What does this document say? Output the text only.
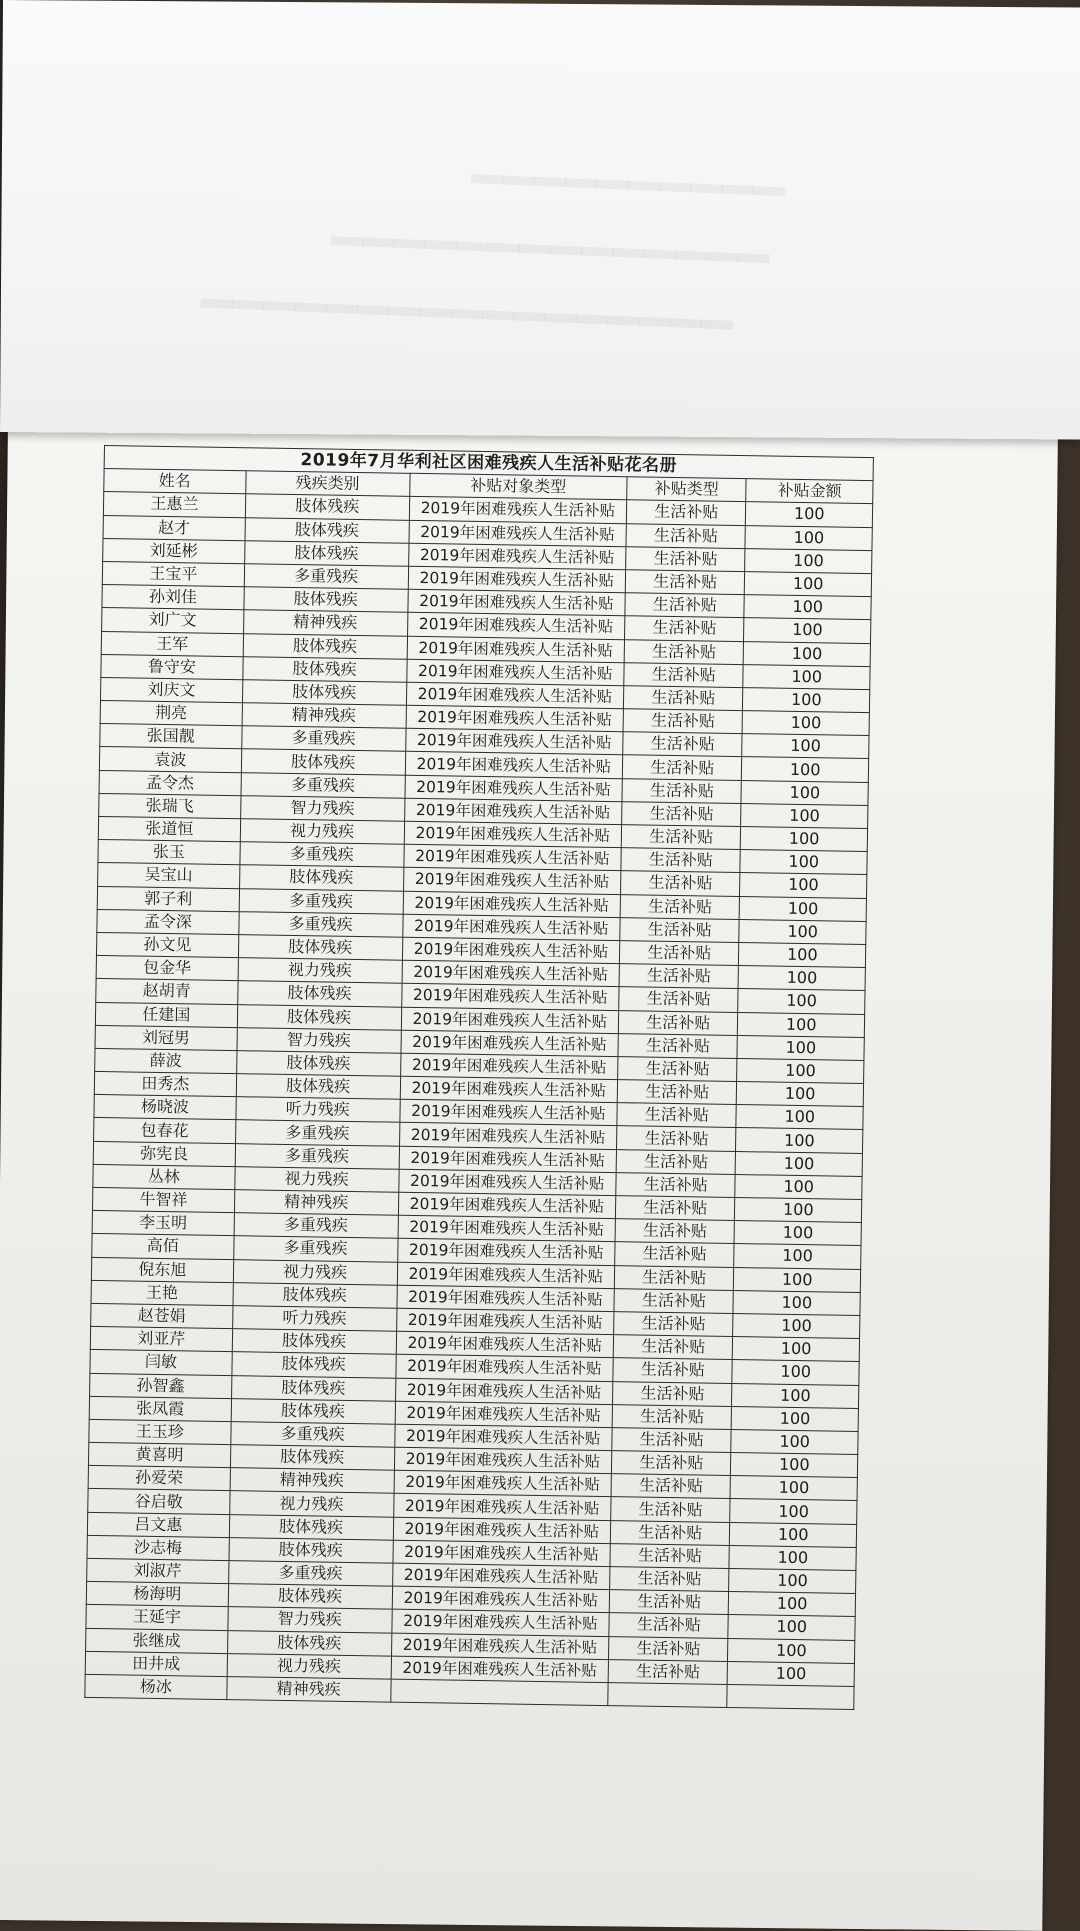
━━━━━━━━━━
━━━━━━━━━━━━━━
━━━━━━━━━━━━━━━━━
2019年7月华利社区困难残疾人生活补贴花名册				
姓名	残疾类别	补贴对象类型	补贴类型	补贴金额
王惠兰	肢体残疾	2019年困难残疾人生活补贴	生活补贴	100
赵才	肢体残疾	2019年困难残疾人生活补贴	生活补贴	100
刘延彬	肢体残疾	2019年困难残疾人生活补贴	生活补贴	100
王宝平	多重残疾	2019年困难残疾人生活补贴	生活补贴	100
孙刘佳	肢体残疾	2019年困难残疾人生活补贴	生活补贴	100
刘广文	精神残疾	2019年困难残疾人生活补贴	生活补贴	100
王军	肢体残疾	2019年困难残疾人生活补贴	生活补贴	100
鲁守安	肢体残疾	2019年困难残疾人生活补贴	生活补贴	100
刘庆文	肢体残疾	2019年困难残疾人生活补贴	生活补贴	100
荆亮	精神残疾	2019年困难残疾人生活补贴	生活补贴	100
张国靓	多重残疾	2019年困难残疾人生活补贴	生活补贴	100
袁波	肢体残疾	2019年困难残疾人生活补贴	生活补贴	100
孟令杰	多重残疾	2019年困难残疾人生活补贴	生活补贴	100
张瑞飞	智力残疾	2019年困难残疾人生活补贴	生活补贴	100
张道恒	视力残疾	2019年困难残疾人生活补贴	生活补贴	100
张玉	多重残疾	2019年困难残疾人生活补贴	生活补贴	100
吴宝山	肢体残疾	2019年困难残疾人生活补贴	生活补贴	100
郭子利	多重残疾	2019年困难残疾人生活补贴	生活补贴	100
孟令深	多重残疾	2019年困难残疾人生活补贴	生活补贴	100
孙文见	肢体残疾	2019年困难残疾人生活补贴	生活补贴	100
包金华	视力残疾	2019年困难残疾人生活补贴	生活补贴	100
赵胡青	肢体残疾	2019年困难残疾人生活补贴	生活补贴	100
任建国	肢体残疾	2019年困难残疾人生活补贴	生活补贴	100
刘冠男	智力残疾	2019年困难残疾人生活补贴	生活补贴	100
薛波	肢体残疾	2019年困难残疾人生活补贴	生活补贴	100
田秀杰	肢体残疾	2019年困难残疾人生活补贴	生活补贴	100
杨晓波	听力残疾	2019年困难残疾人生活补贴	生活补贴	100
包春花	多重残疾	2019年困难残疾人生活补贴	生活补贴	100
弥宪良	多重残疾	2019年困难残疾人生活补贴	生活补贴	100
丛林	视力残疾	2019年困难残疾人生活补贴	生活补贴	100
牛智祥	精神残疾	2019年困难残疾人生活补贴	生活补贴	100
李玉明	多重残疾	2019年困难残疾人生活补贴	生活补贴	100
高佰	多重残疾	2019年困难残疾人生活补贴	生活补贴	100
倪东旭	视力残疾	2019年困难残疾人生活补贴	生活补贴	100
王艳	肢体残疾	2019年困难残疾人生活补贴	生活补贴	100
赵苍娟	听力残疾	2019年困难残疾人生活补贴	生活补贴	100
刘亚芹	肢体残疾	2019年困难残疾人生活补贴	生活补贴	100
闫敏	肢体残疾	2019年困难残疾人生活补贴	生活补贴	100
孙智鑫	肢体残疾	2019年困难残疾人生活补贴	生活补贴	100
张凤霞	肢体残疾	2019年困难残疾人生活补贴	生活补贴	100
王玉珍	多重残疾	2019年困难残疾人生活补贴	生活补贴	100
黄喜明	肢体残疾	2019年困难残疾人生活补贴	生活补贴	100
孙爱荣	精神残疾	2019年困难残疾人生活补贴	生活补贴	100
谷启敬	视力残疾	2019年困难残疾人生活补贴	生活补贴	100
吕文惠	肢体残疾	2019年困难残疾人生活补贴	生活补贴	100
沙志梅	肢体残疾	2019年困难残疾人生活补贴	生活补贴	100
刘淑芹	多重残疾	2019年困难残疾人生活补贴	生活补贴	100
杨海明	肢体残疾	2019年困难残疾人生活补贴	生活补贴	100
王延宇	智力残疾	2019年困难残疾人生活补贴	生活补贴	100
张继成	肢体残疾	2019年困难残疾人生活补贴	生活补贴	100
田井成	视力残疾	2019年困难残疾人生活补贴	生活补贴	100
杨冰	精神残疾			
